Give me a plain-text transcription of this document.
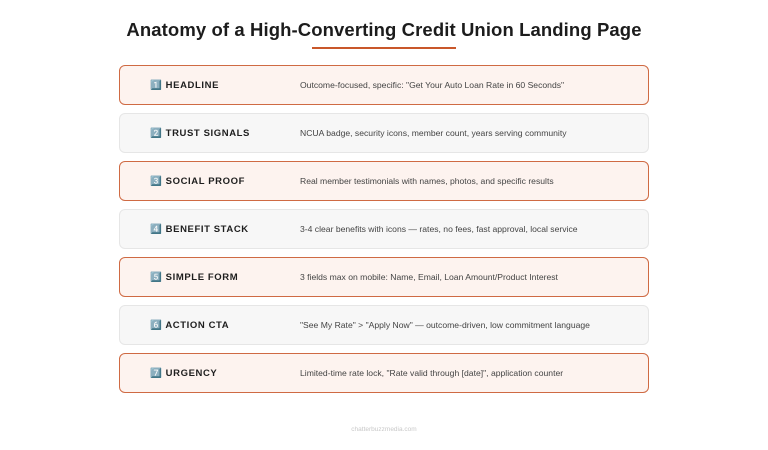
Anatomy of a High-Converting Credit Union Landing Page
1️⃣ HEADLINE	Outcome-focused, specific: "Get Your Auto Loan Rate in 60 Seconds"
2️⃣ TRUST SIGNALS	NCUA badge, security icons, member count, years serving community
3️⃣ SOCIAL PROOF	Real member testimonials with names, photos, and specific results
4️⃣ BENEFIT STACK	3-4 clear benefits with icons — rates, no fees, fast approval, local service
5️⃣ SIMPLE FORM	3 fields max on mobile: Name, Email, Loan Amount/Product Interest
6️⃣ ACTION CTA	"See My Rate" > "Apply Now" — outcome-driven, low commitment language
7️⃣ URGENCY	Limited-time rate lock, "Rate valid through [date]", application counter
chatterbuzzmedia.com
